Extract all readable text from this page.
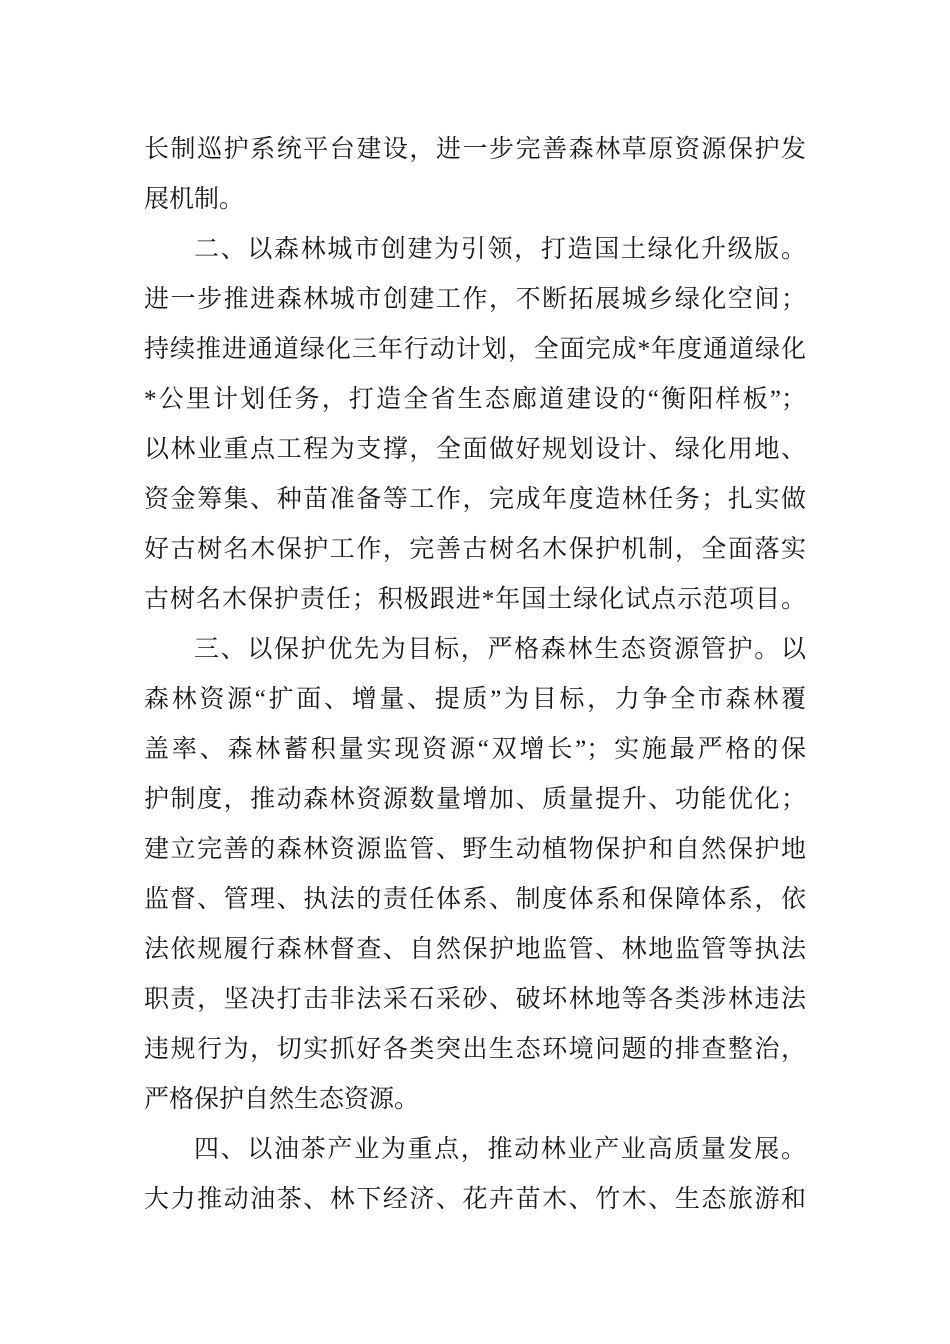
长制巡护系统平台建设，进一步完善森林草原资源保护发
展机制。
二、以森林城市创建为引领，打造国土绿化升级版。
进一步推进森林城市创建工作，不断拓展城乡绿化空间；
持续推进通道绿化三年行动计划，全面完成*年度通道绿化
*公里计划任务，打造全省生态廊道建设的“衡阳样板”；
以林业重点工程为支撑，全面做好规划设计、绿化用地、
资金筹集、种苗准备等工作，完成年度造林任务；扎实做
好古树名木保护工作，完善古树名木保护机制，全面落实
古树名木保护责任；积极跟进*年国土绿化试点示范项目。
三、以保护优先为目标，严格森林生态资源管护。以
森林资源“扩面、增量、提质”为目标，力争全市森林覆
盖率、森林蓄积量实现资源“双增长”；实施最严格的保
护制度，推动森林资源数量增加、质量提升、功能优化；
建立完善的森林资源监管、野生动植物保护和自然保护地
监督、管理、执法的责任体系、制度体系和保障体系，依
法依规履行森林督查、自然保护地监管、林地监管等执法
职责，坚决打击非法采石采砂、破坏林地等各类涉林违法
违规行为，切实抓好各类突出生态环境问题的排查整治，
严格保护自然生态资源。
四、以油茶产业为重点，推动林业产业高质量发展。
大力推动油茶、林下经济、花卉苗木、竹木、生态旅游和
